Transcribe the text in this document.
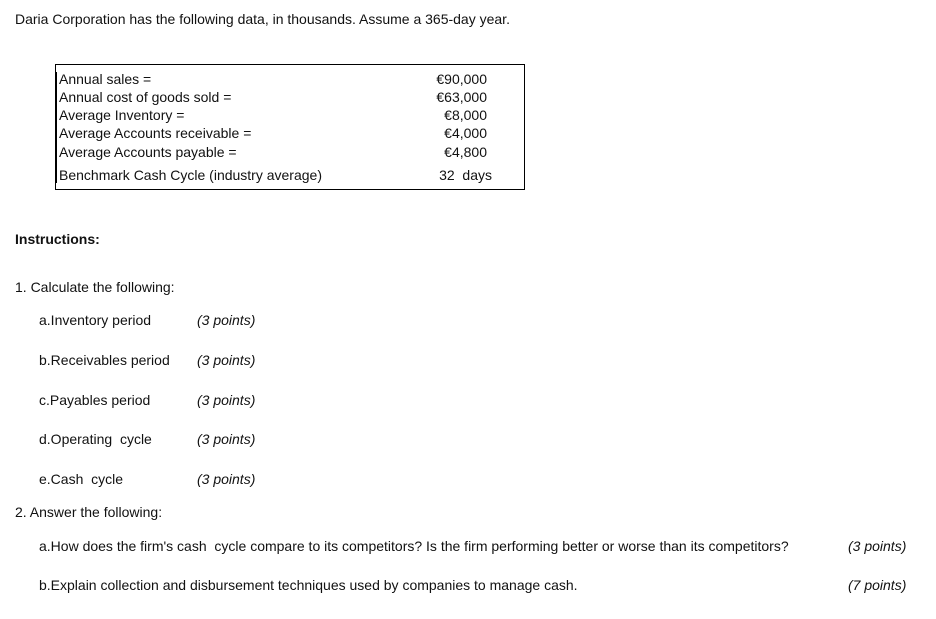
Daria Corporation has the following data, in thousands. Assume a 365-day year.
Annual sales =	€90,000
Annual cost of goods sold =	€63,000
Average Inventory =	€8,000
Average Accounts receivable =	€4,000
Average Accounts payable =	€4,800
Benchmark Cash Cycle (industry average)	32  days
Instructions:
1. Calculate the following:
a.Inventory period	(3 points)
b.Receivables period (3 points)
c.Payables period	(3 points)
d.Operating  cycle	(3 points)
e.Cash  cycle	(3 points)
2. Answer the following:
a.How does the firm's cash  cycle compare to its competitors? Is the firm performing better or worse than its competitors?	(3 points)
b.Explain collection and disbursement techniques used by companies to manage cash.	(7 points)
